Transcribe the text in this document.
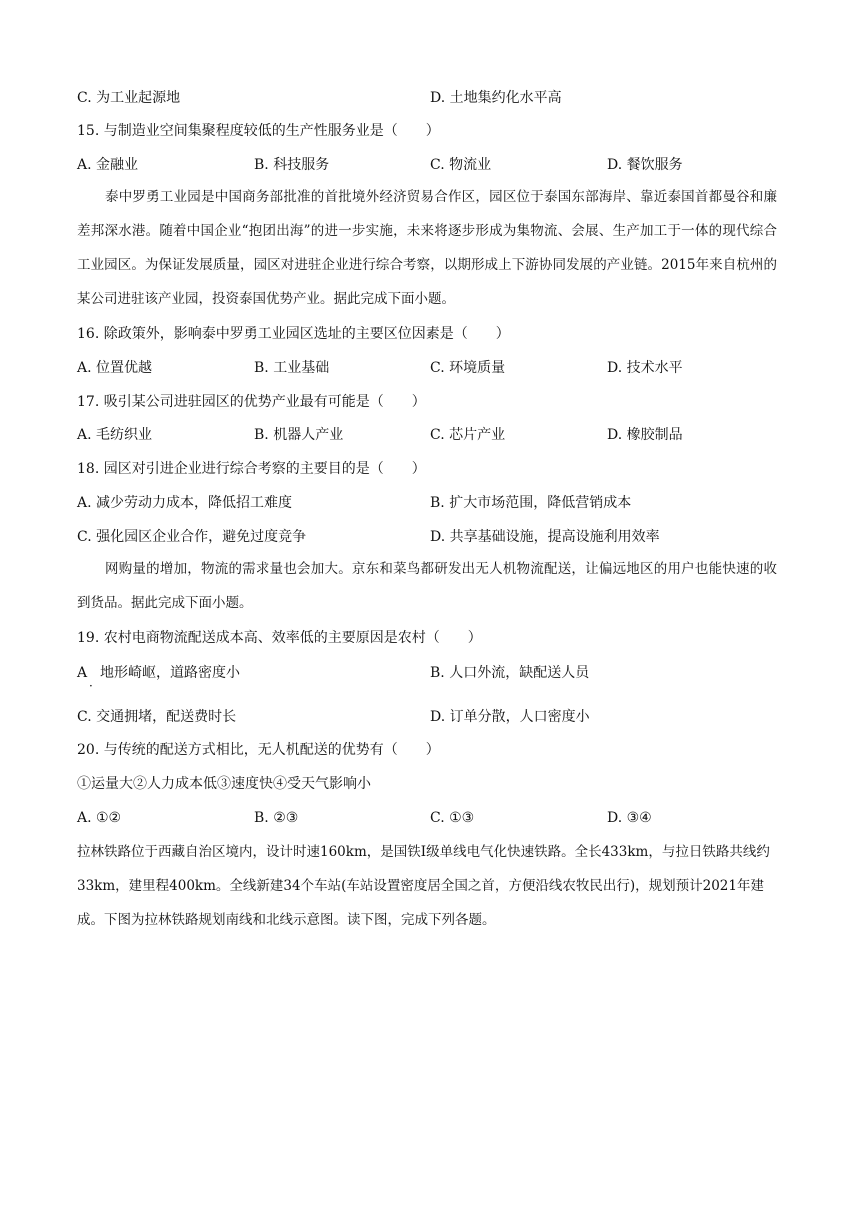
C. 为工业起源地	D. 土地集约化水平高
15. 与制造业空间集聚程度较低的生产性服务业是（　　）
A. 金融业	B. 科技服务	C. 物流业	D. 餐饮服务
泰中罗勇工业园是中国商务部批准的首批境外经济贸易合作区，园区位于泰国东部海岸、靠近泰国首都曼谷和廉差邦深水港。随着中国企业“抱团出海”的进一步实施，未来将逐步形成为集物流、会展、生产加工于一体的现代综合工业园区。为保证发展质量，园区对进驻企业进行综合考察，以期形成上下游协同发展的产业链。2015年来自杭州的某公司进驻该产业园，投资泰国优势产业。据此完成下面小题。
16. 除政策外，影响泰中罗勇工业园区选址的主要区位因素是（　　）
A. 位置优越	B. 工业基础	C. 环境质量	D. 技术水平
17. 吸引某公司进驻园区的优势产业最有可能是（　　）
A. 毛纺织业	B. 机器人产业	C. 芯片产业	D. 橡胶制品
18. 园区对引进企业进行综合考察的主要目的是（　　）
A. 减少劳动力成本，降低招工难度	B. 扩大市场范围，降低营销成本
C. 强化园区企业合作，避免过度竞争	D. 共享基础设施，提高设施利用效率
网购量的增加，物流的需求量也会加大。京东和菜鸟都研发出无人机物流配送，让偏远地区的用户也能快速的收到货品。据此完成下面小题。
19. 农村电商物流配送成本高、效率低的主要原因是农村（　　）
A
·
地形崎岖，道路密度小	B. 人口外流，缺配送人员
C. 交通拥堵，配送费时长	D. 订单分散，人口密度小
20. 与传统的配送方式相比，无人机配送的优势有（　　）
①运量大②人力成本低③速度快④受天气影响小
A. ①②	B. ②③	C. ①③	D. ③④
拉林铁路位于西藏自治区境内，设计时速160km，是国铁Ⅰ级单线电气化快速铁路。全长433km，与拉日铁路共线约33km，建里程400km。全线新建34个车站(车站设置密度居全国之首，方便沿线农牧民出行)，规划预计2021年建成。下图为拉林铁路规划南线和北线示意图。读下图，完成下列各题。
